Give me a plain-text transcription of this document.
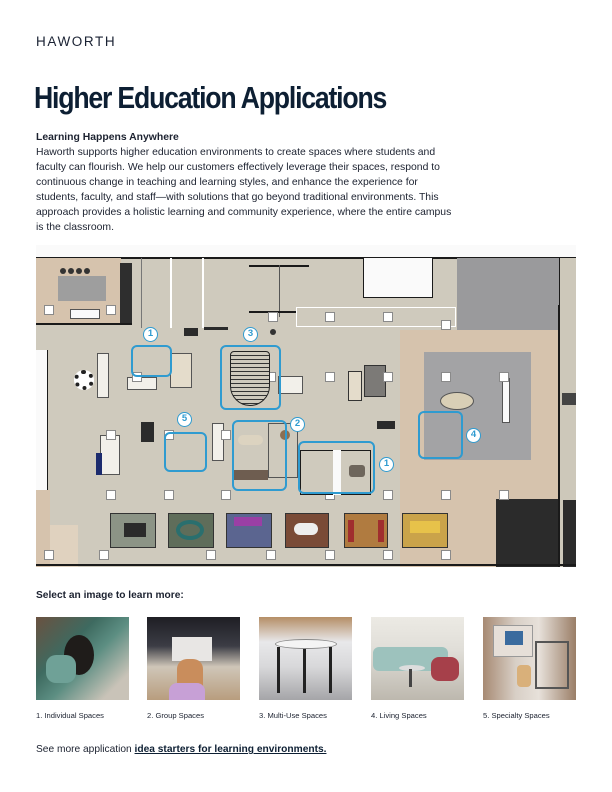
HAWORTH
Higher Education Applications
Learning Happens Anywhere
Haworth supports higher education environments to create spaces where students and faculty can flourish. We help our customers effectively leverage their spaces, respond to continuous change in teaching and learning styles, and enhance the experience for students, faculty, and staff—with solutions that go beyond traditional environments. This approach provides a holistic learning and community experience, where the entire campus is the classroom.
1	3
5	2
1
4
Select an image to learn more:
1. Individual Spaces	2. Group Spaces	3. Multi-Use Spaces	4. Living Spaces	5. Specialty Spaces
See more application idea starters for learning environments.
